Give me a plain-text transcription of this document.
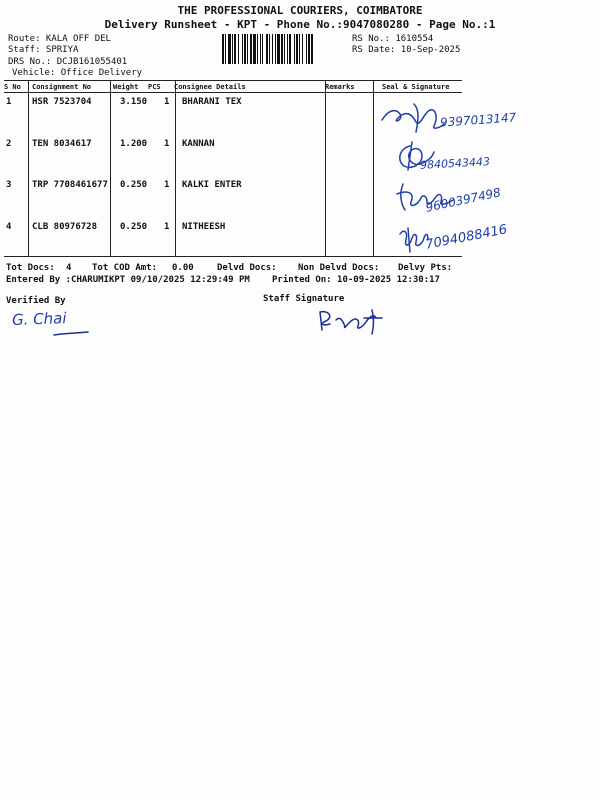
THE PROFESSIONAL COURIERS, COIMBATORE
Delivery Runsheet - KPT - Phone No.:9047080280 - Page No.:1
Route: KALA OFF DEL
Staff: SPRIYA
DRS No.: DCJB161055401
Vehicle: Office Delivery
RS No.: 1610554
RS Date: 10-Sep-2025
S No Consignment No	Weight PCS Consignee Details	Remarks	Seal & Signature
1 HSR 7523704	3.150 1 BHARANI TEX
2 TEN 8034617	1.200 1 KANNAN
3 TRP 7708461677 0.250 1 KALKI ENTER
4 CLB 80976728	0.250 1 NITHEESH
9397013147
9840543443
9600397498
7094088416
Tot Docs: 4 Tot COD Amt: 0.00	Delvd Docs: Non Delvd Docs: Delvy Pts:
Entered By :CHARUMIKPT 09/10/2025 12:29:49 PM Printed On: 10-09-2025 12:30:17
Verified By
G. Chai
Staff Signature
